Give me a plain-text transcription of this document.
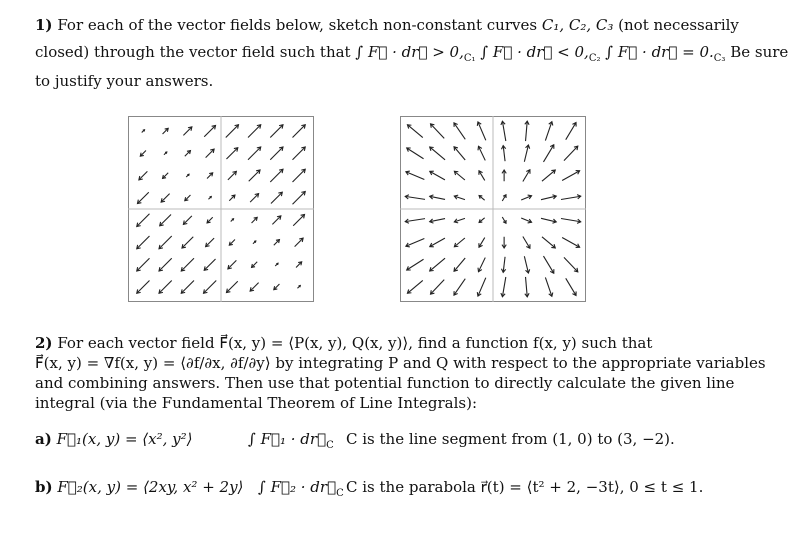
1) For each of the vector fields below, sketch non-constant curves C₁, C₂, C₃ (not necessarily
closed) through the vector field such that ∫ F⃗ · dr⃗ > $0,_{C_1}$ ∫ F⃗ · dr⃗ < $0,_{C_2}$ ∫ F⃗ · dr⃗ = $0._{C_3}$ Be sure
to justify your answers.
2) For each vector field F⃗(x, y) = ⟨P(x, y), Q(x, y)⟩, find a function f(x, y) such that
F⃗(x, y) = ∇f(x, y) = ⟨∂f/∂x, ∂f/∂y⟩ by integrating P and Q with respect to the appropriate variables
and combining answers. Then use that potential function to directly calculate the given line
integral (via the Fundamental Theorem of Line Integrals):
a) F⃗₁(x, y) = ⟨x², y²⟩	∫ F⃗₁ · $dr⃗_C$ C is the line segment from (1, 0) to (3, −2).
b) F⃗₂(x, y) = ⟨2xy, x² + 2y⟩ ∫ F⃗₂ · $dr⃗_C$ C is the parabola r⃗(t) = ⟨t² + 2, −3t⟩, 0 ≤ t ≤ 1.
